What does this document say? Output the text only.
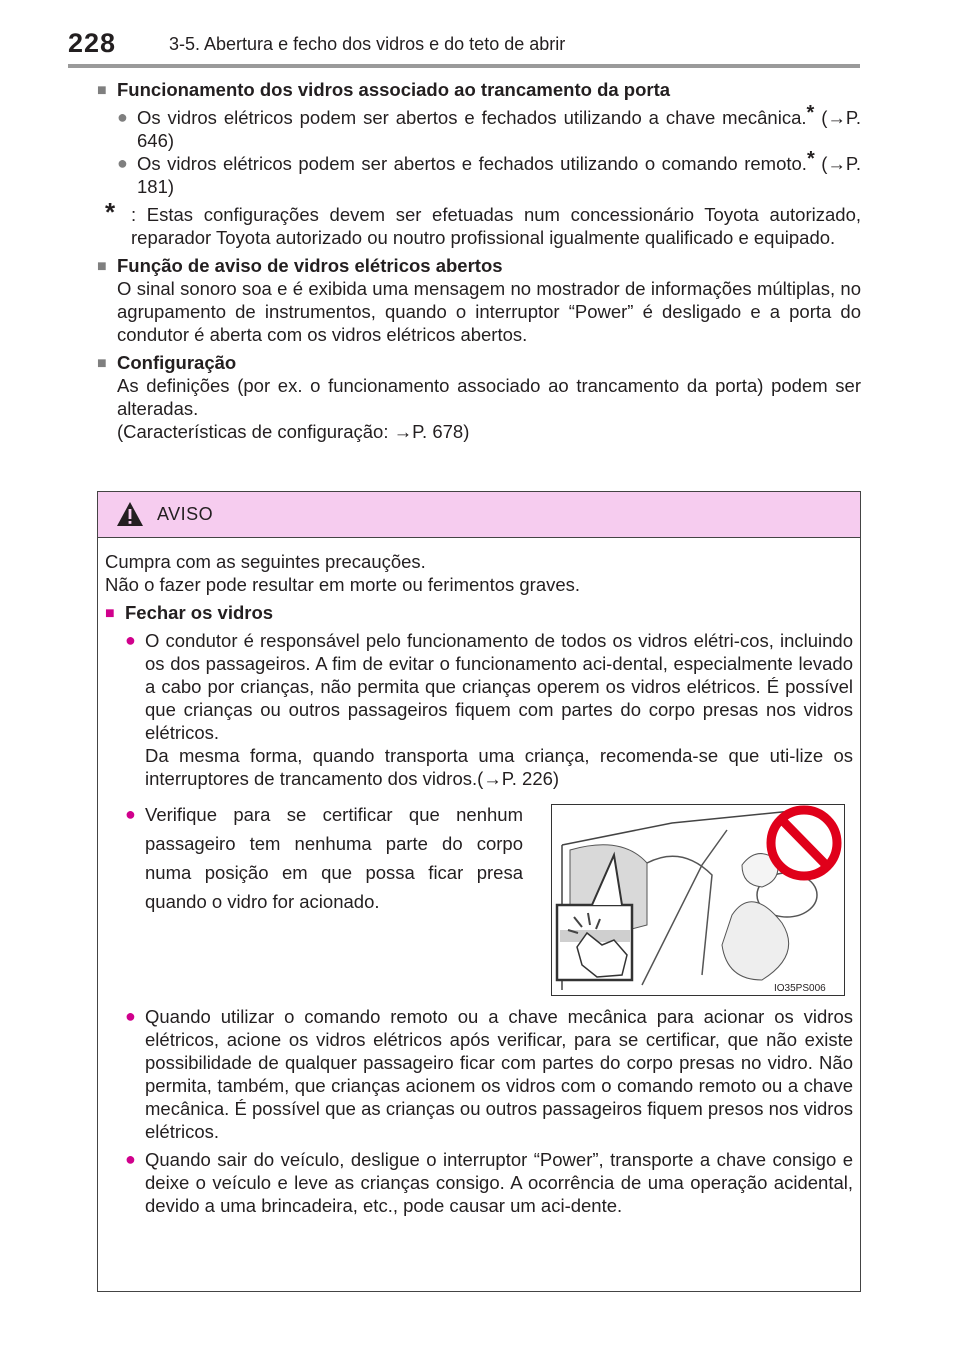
228	3-5. Abertura e fecho dos vidros e do teto de abrir
■ Funcionamento dos vidros associado ao trancamento da porta
● Os vidros elétricos podem ser abertos e fechados utilizando a chave mecânica.* (→P. 646)
● Os vidros elétricos podem ser abertos e fechados utilizando o comando remoto.* (→P. 181)
* : Estas configurações devem ser efetuadas num concessionário Toyota autorizado, reparador Toyota autorizado ou noutro profissional igualmente qualificado e equipado.
■ Função de aviso de vidros elétricos abertos

O sinal sonoro soa e é exibida uma mensagem no mostrador de informações múltiplas, no agrupamento de instrumentos, quando o interruptor “Power” é desligado e a porta do condutor é aberta com os vidros elétricos abertos.

■ Configuração

As definições (por ex. o funcionamento associado ao trancamento da porta) podem ser alteradas.

(Características de configuração: →P. 678)

AVISO

Cumpra com as seguintes precauções.

Não o fazer pode resultar em morte ou ferimentos graves.

■ Fechar os vidros
● O condutor é responsável pelo funcionamento de todos os vidros elétri-cos, incluindo os dos passageiros. A fim de evitar o funcionamento aci-dental, especialmente levado a cabo por crianças, não permita que crianças operem os vidros elétricos. É possível que crianças ou outros passageiros fiquem com partes do corpo presas nos vidros elétricos.
Da mesma forma, quando transporta uma criança, recomenda-se que uti-lize os interruptores de trancamento dos vidros.(→P. 226)
● Verifique para se certificar que nenhum passageiro tem nenhuma parte do corpo numa posição em que possa ficar presa quando o vidro for acionado.
IO35PS006
● Quando utilizar o comando remoto ou a chave mecânica para acionar os vidros elétricos, acione os vidros elétricos após verificar, para se certificar, que não existe possibilidade de qualquer passageiro ficar com partes do corpo presas no vidro. Não permita, também, que crianças acionem os vidros com o comando remoto ou a chave mecânica. É possível que as crianças ou outros passageiros fiquem presos nos vidros elétricos.
● Quando sair do veículo, desligue o interruptor “Power”, transporte a chave consigo e deixe o veículo e leve as crianças consigo. A ocorrência de uma operação acidental, devido a uma brincadeira, etc., pode causar um aci-dente.
